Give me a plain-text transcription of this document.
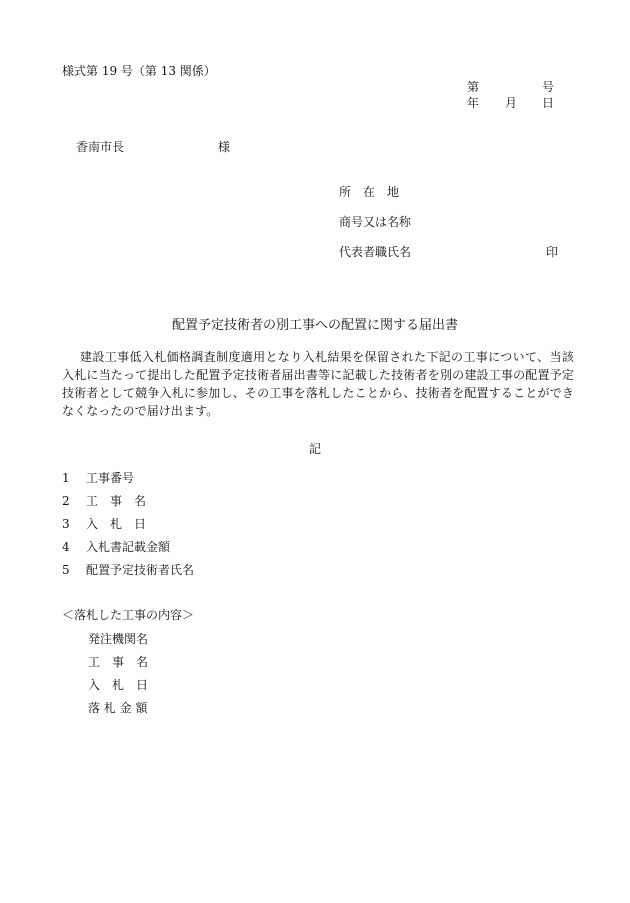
様式第 19 号（第 13 関係）
第	号
年 月 日
香南市長	様
所　在　地
商号又は名称
代表者職氏名	印
配置予定技術者の別工事への配置に関する届出書
建設工事低入札価格調査制度適用となり入札結果を保留された下記の工事について、当該入札に当たって提出した配置予定技術者届出書等に記載した技術者を別の建設工事の配置予定技術者として競争入札に参加し、その工事を落札したことから、技術者を配置することができなくなったので届け出ます。
記
1 工事番号
2 工　事　名
3 入　札　日
4 入札書記載金額
5 配置予定技術者氏名
＜落札した工事の内容＞
発注機関名
工　事　名
入　札　日
落 札 金 額
